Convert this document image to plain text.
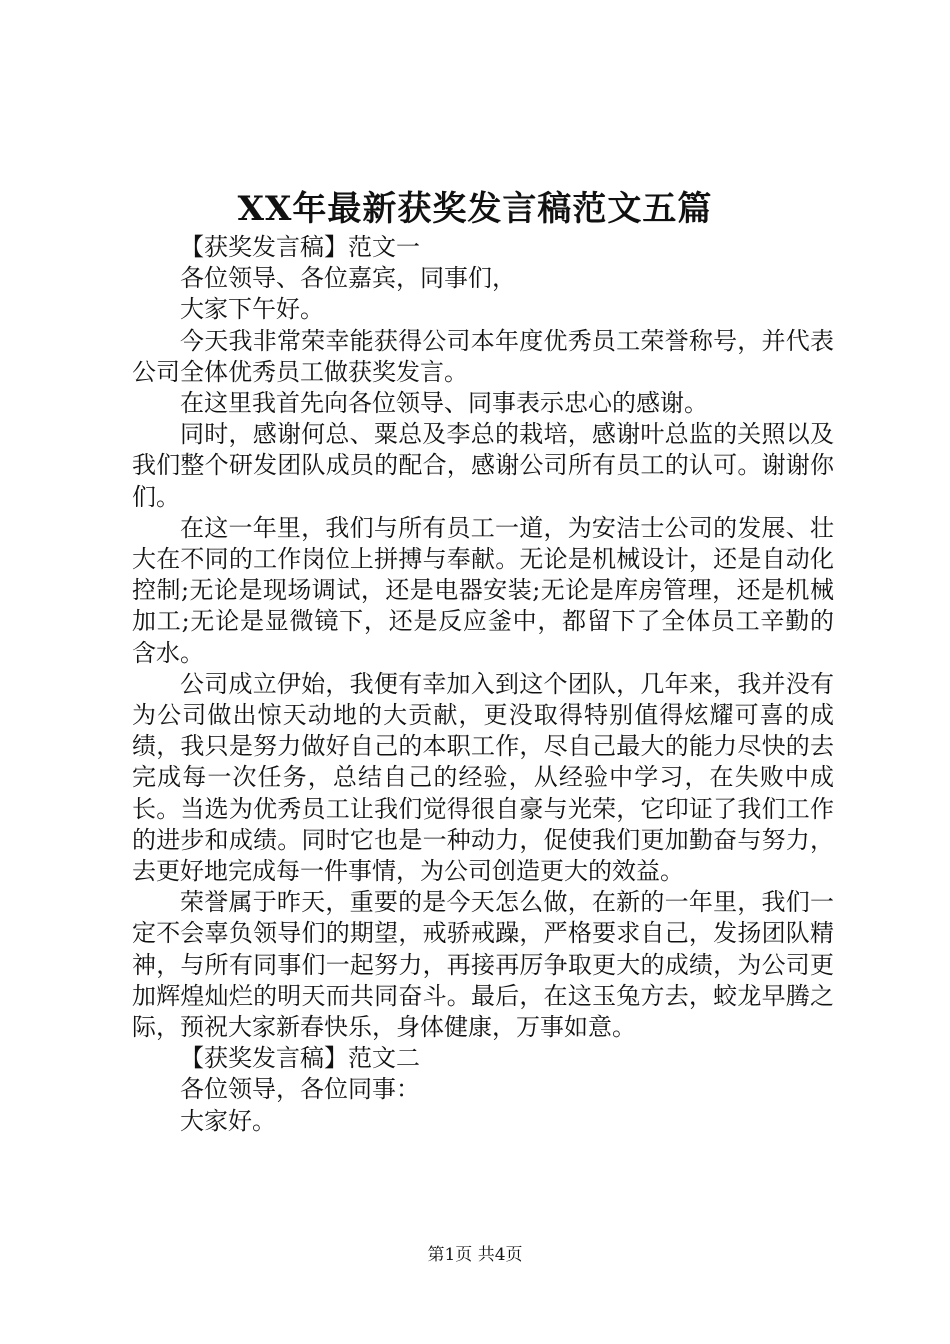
XX年最新获奖发言稿范文五篇

【获奖发言稿】范文一

各位领导、各位嘉宾，同事们，

大家下午好。

今天我非常荣幸能获得公司本年度优秀员工荣誉称号，并代表公司全体优秀员工做获奖发言。

在这里我首先向各位领导、同事表示忠心的感谢。

同时，感谢何总、粟总及李总的栽培，感谢叶总监的关照以及我们整个研发团队成员的配合，感谢公司所有员工的认可。谢谢你们。

在这一年里，我们与所有员工一道，为安洁士公司的发展、壮大在不同的工作岗位上拼搏与奉献。无论是机械设计，还是自动化控制;无论是现场调试，还是电器安装;无论是库房管理，还是机械加工;无论是显微镜下，还是反应釜中，都留下了全体员工辛勤的含水。

公司成立伊始，我便有幸加入到这个团队，几年来，我并没有为公司做出惊天动地的大贡献，更没取得特别值得炫耀可喜的成绩，我只是努力做好自己的本职工作，尽自己最大的能力尽快的去完成每一次任务，总结自己的经验，从经验中学习，在失败中成长。当选为优秀员工让我们觉得很自豪与光荣，它印证了我们工作的进步和成绩。同时它也是一种动力，促使我们更加勤奋与努力，去更好地完成每一件事情，为公司创造更大的效益。

荣誉属于昨天，重要的是今天怎么做，在新的一年里，我们一定不会辜负领导们的期望，戒骄戒躁，严格要求自己，发扬团队精神，与所有同事们一起努力，再接再厉争取更大的成绩，为公司更加辉煌灿烂的明天而共同奋斗。最后，在这玉兔方去，蛟龙早腾之际，预祝大家新春快乐，身体健康，万事如意。

【获奖发言稿】范文二

各位领导，各位同事：

大家好。

第1页 共4页
